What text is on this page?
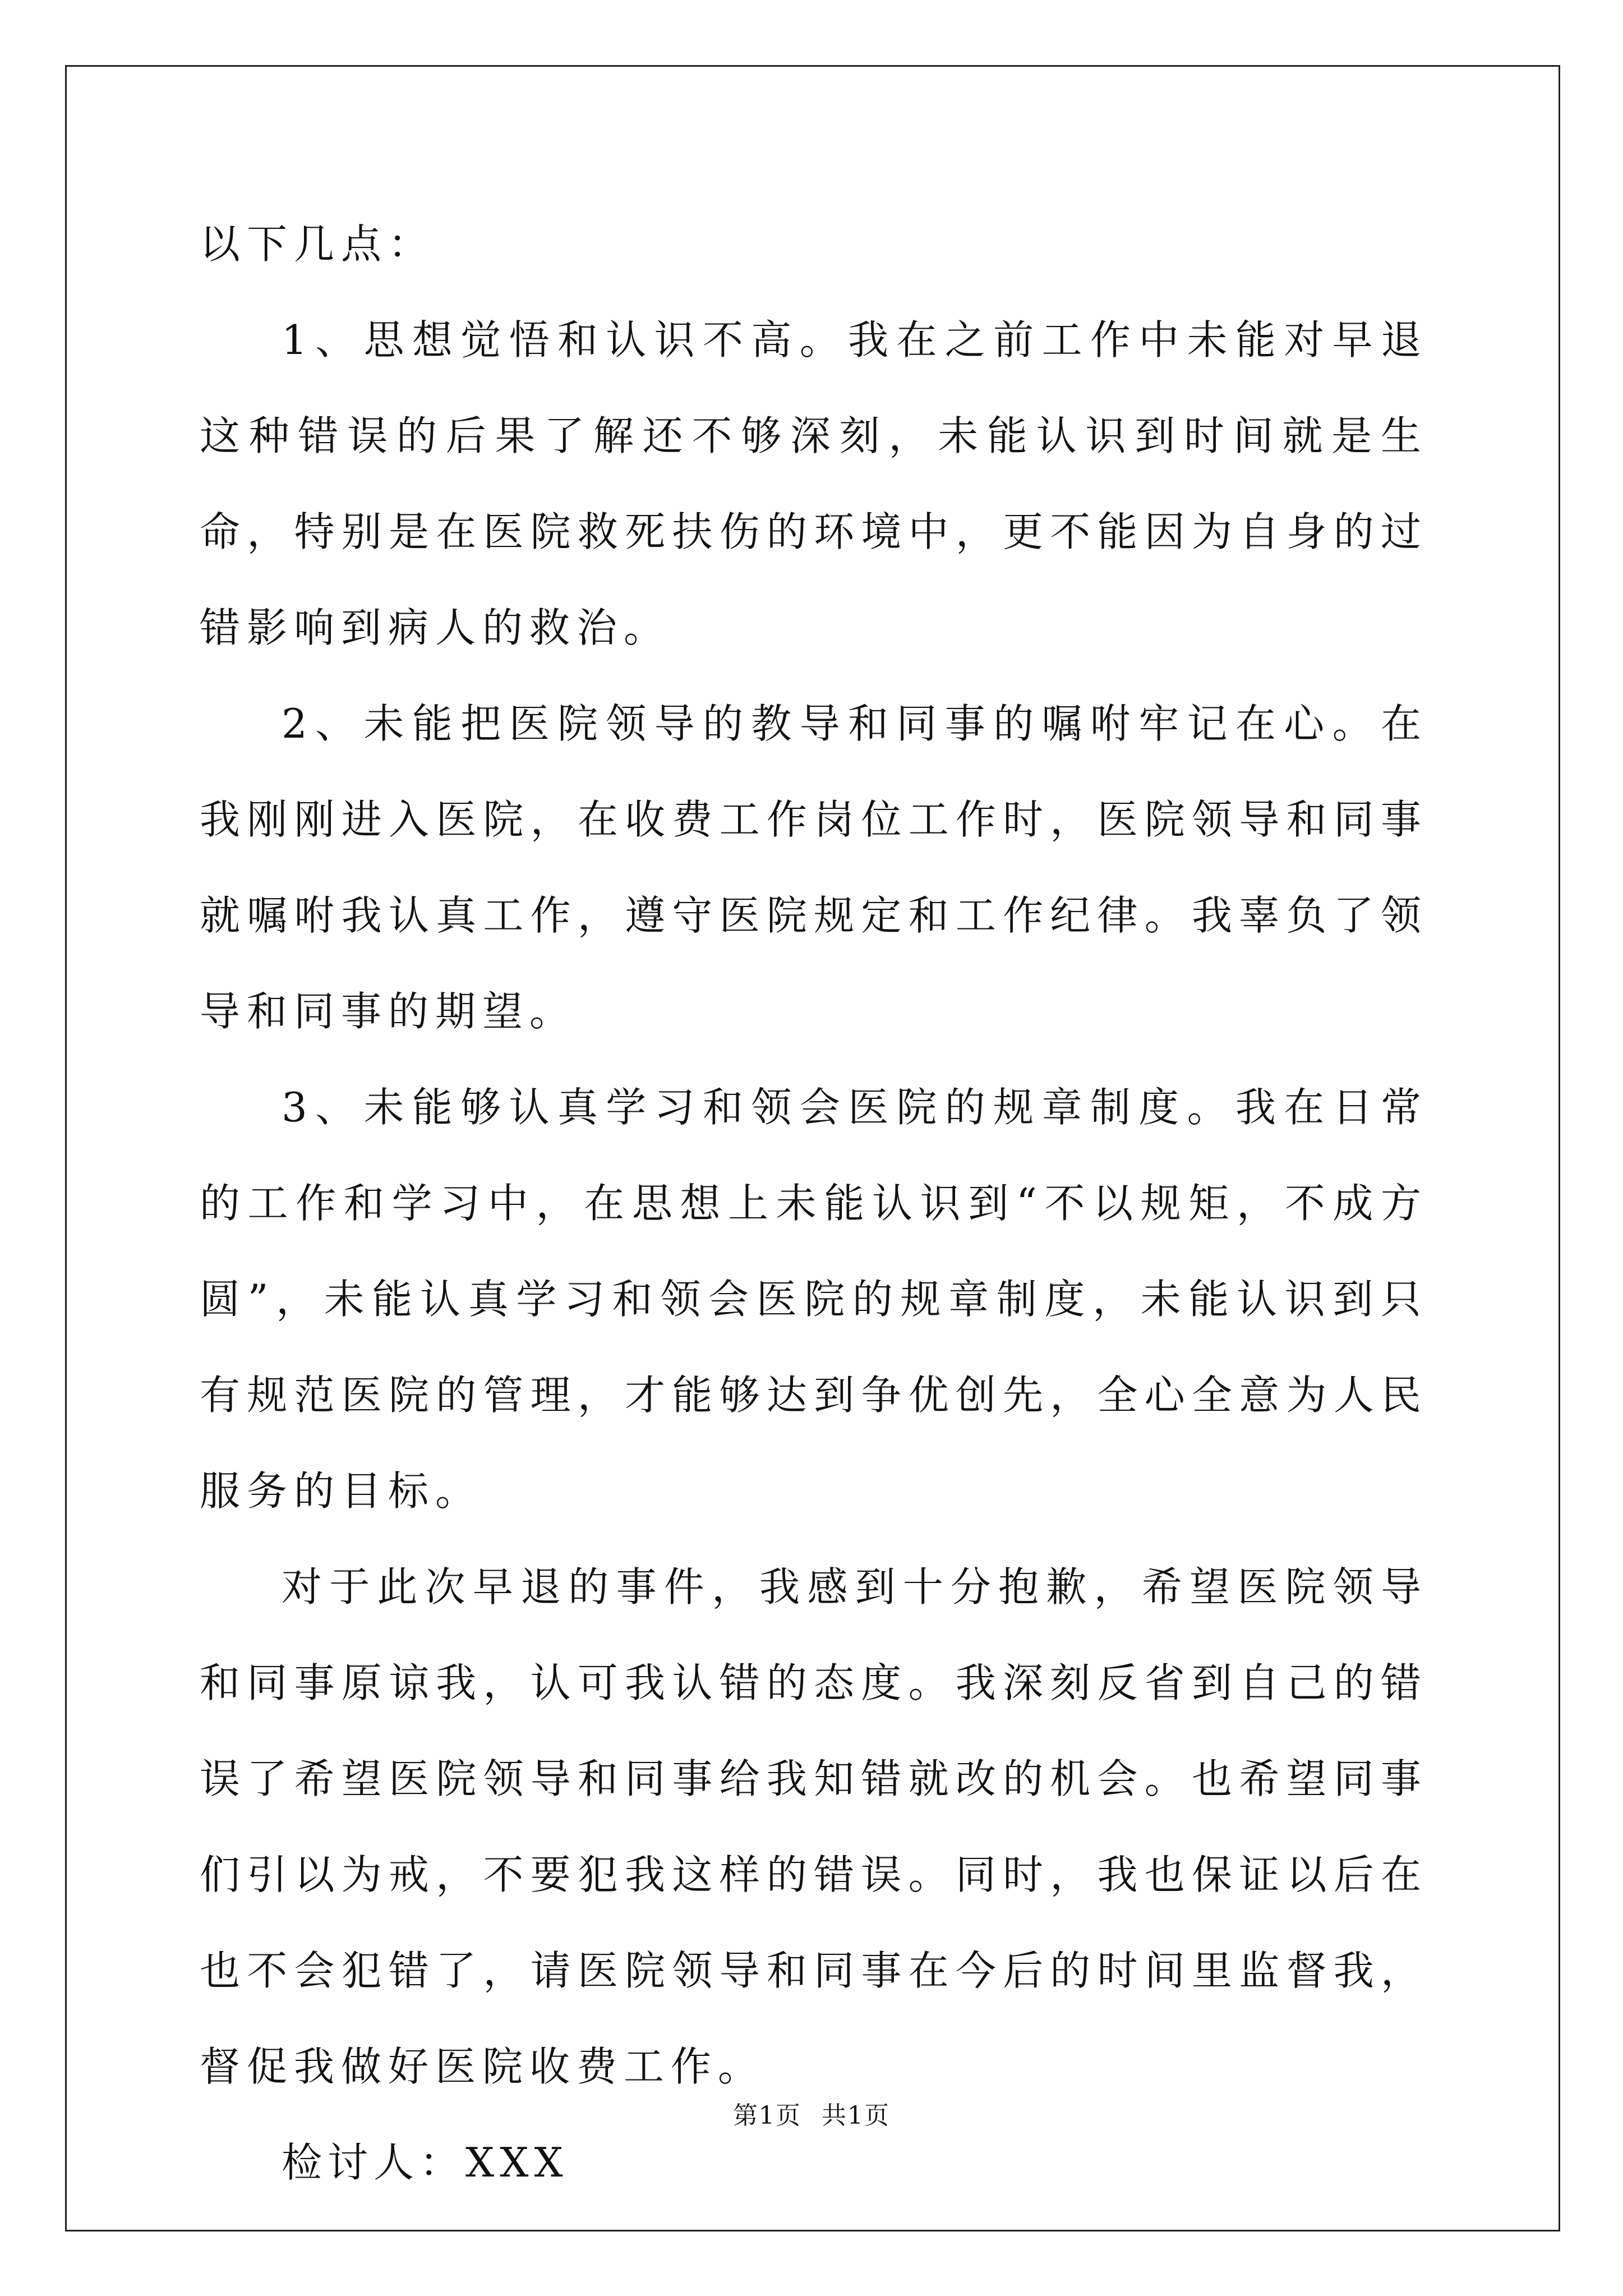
以下几点：

1、思想觉悟和认识不高。我在之前工作中未能对早退这种错误的后果了解还不够深刻，未能认识到时间就是生命，特别是在医院救死扶伤的环境中，更不能因为自身的过错影响到病人的救治。

2、未能把医院领导的教导和同事的嘱咐牢记在心。在我刚刚进入医院，在收费工作岗位工作时，医院领导和同事就嘱咐我认真工作，遵守医院规定和工作纪律。我辜负了领导和同事的期望。

3、未能够认真学习和领会医院的规章制度。我在日常的工作和学习中，在思想上未能认识到“不以规矩，不成方圆”，未能认真学习和领会医院的规章制度，未能认识到只有规范医院的管理，才能够达到争优创先，全心全意为人民服务的目标。

对于此次早退的事件，我感到十分抱歉，希望医院领导和同事原谅我，认可我认错的态度。我深刻反省到自己的错误了希望医院领导和同事给我知错就改的机会。也希望同事们引以为戒，不要犯我这样的错误。同时，我也保证以后在也不会犯错了，请医院领导和同事在今后的时间里监督我，督促我做好医院收费工作。

检讨人：XXX

第1页 共1页
